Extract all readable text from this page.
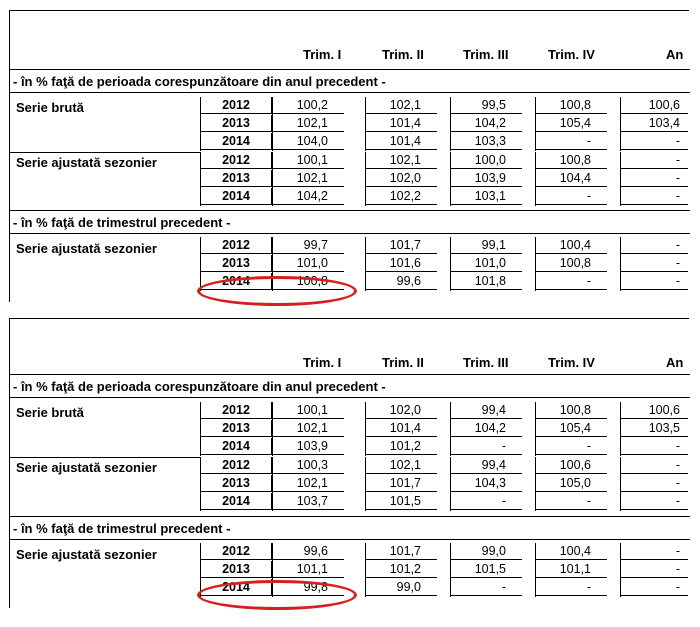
Trim. I	Trim. II	Trim. III	Trim. IV	An
- în % faţă de perioada corespunzătoare din anul precedent -
Serie brută
Serie ajustată sezonier
- în % faţă de trimestrul precedent -
Serie ajustată sezonier
2012	100,2	102,1	99,5	100,8	100,6
2013	102,1	101,4	104,2	105,4	103,4
2014	104,0	101,4	103,3	-	-
2012	100,1	102,1	100,0	100,8	-
2013	102,1	102,0	103,9	104,4	-
2014	104,2	102,2	103,1	-	-
2012	99,7	101,7	99,1	100,4	-
2013	101,0	101,6	101,0	100,8	-
2014	100,8	99,6	101,8	-	-
Trim. I	Trim. II	Trim. III	Trim. IV	An
- în % faţă de perioada corespunzătoare din anul precedent -
Serie brută
Serie ajustată sezonier
- în % faţă de trimestrul precedent -
Serie ajustată sezonier
2012	100,1	102,0	99,4	100,8	100,6
2013	102,1	101,4	104,2	105,4	103,5
2014	103,9	101,2	-	-	-
2012	100,3	102,1	99,4	100,6	-
2013	102,1	101,7	104,3	105,0	-
2014	103,7	101,5	-	-	-
2012	99,6	101,7	99,0	100,4	-
2013	101,1	101,2	101,5	101,1	-
2014	99,8	99,0	-	-	-
